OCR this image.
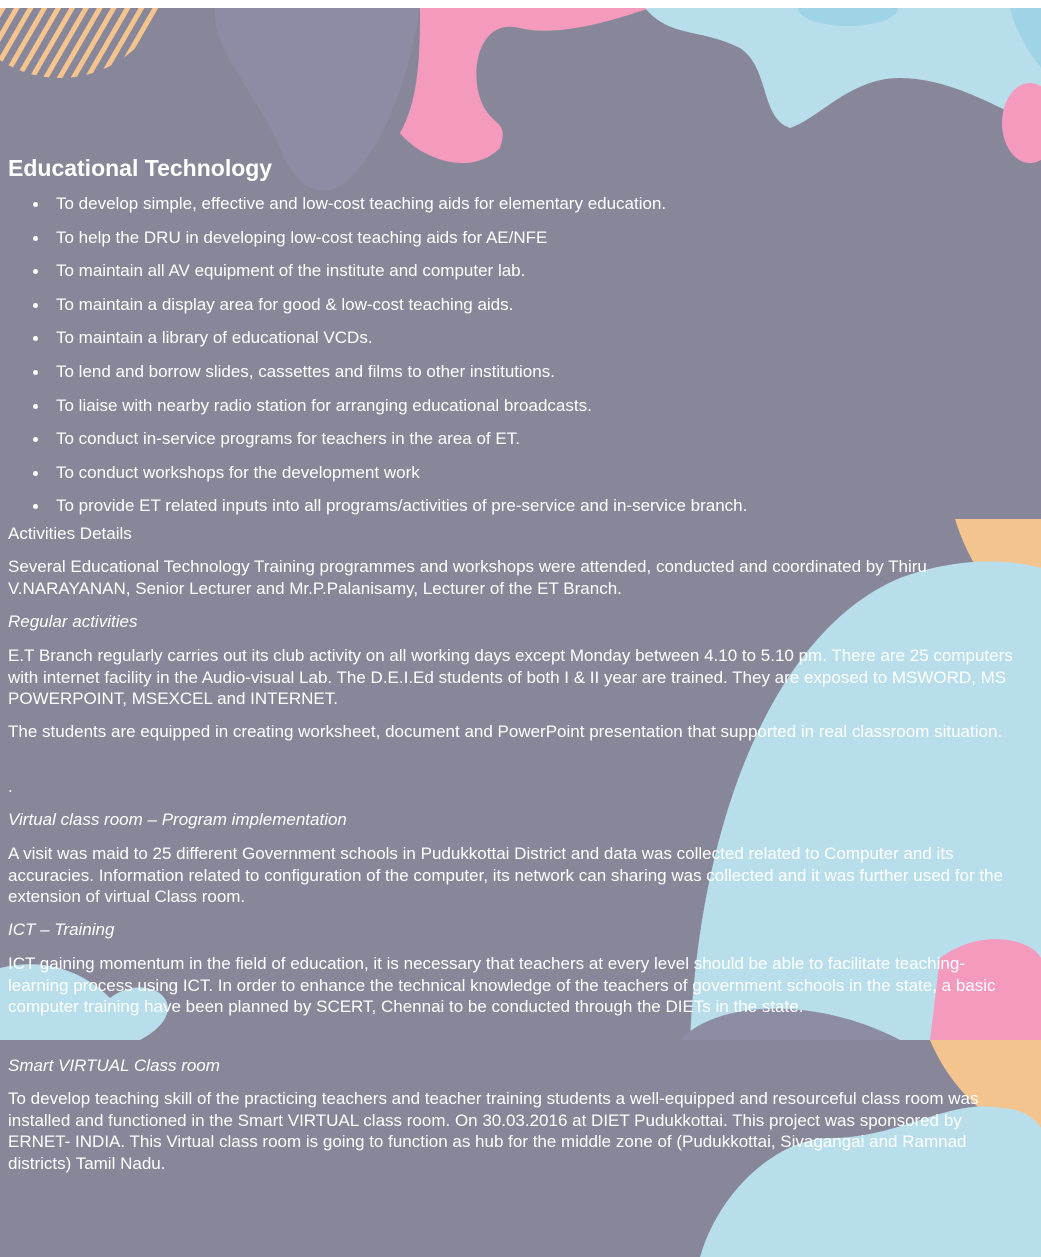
Educational Technology
To develop simple, effective and low-cost teaching aids for elementary education.
To help the DRU in developing low-cost teaching aids for AE/NFE
To maintain all AV equipment of the institute and computer lab.
To maintain a display area for good & low-cost teaching aids.
To maintain a library of educational VCDs.
To lend and borrow slides, cassettes and films to other institutions.
To liaise with nearby radio station for arranging educational broadcasts.
To conduct in-service programs for teachers in the area of ET.
To conduct workshops for the development work
To provide ET related inputs into all programs/activities of pre-service and in-service branch.

Activities Details

Several Educational Technology Training programmes and workshops were attended, conducted and coordinated by Thiru V.NARAYANAN, Senior Lecturer and Mr.P.Palanisamy, Lecturer of the ET Branch.

Regular activities

E.T Branch regularly carries out its club activity on all working days except Monday between 4.10 to 5.10 pm. There are 25 computers with internet facility in the Audio-visual Lab. The D.E.I.Ed students of both I & II year are trained. They are exposed to MSWORD, MS POWERPOINT, MSEXCEL and INTERNET.

The students are equipped in creating worksheet, document and PowerPoint presentation that supported in real classroom situation.

.

Virtual class room – Program implementation

A visit was maid to 25 different Government schools in Pudukkottai District and data was collected related to Computer and its accuracies. Information related to configuration of the computer, its network can sharing was collected and it was further used for the extension of virtual Class room.

ICT – Training

ICT gaining momentum in the field of education, it is necessary that teachers at every level should be able to facilitate teaching- learning process using ICT. In order to enhance the technical knowledge of the teachers of government schools in the state, a basic computer training have been planned by SCERT, Chennai to be conducted through the DIETs in the state.

Smart VIRTUAL Class room

To develop teaching skill of the practicing teachers and teacher training students a well-equipped and resourceful class room was installed and functioned in the Smart VIRTUAL class room. On 30.03.2016 at DIET Pudukkottai. This project was sponsored by ERNET- INDIA. This Virtual class room is going to function as hub for the middle zone of (Pudukkottai, Sivagangai and Ramnad districts) Tamil Nadu.
